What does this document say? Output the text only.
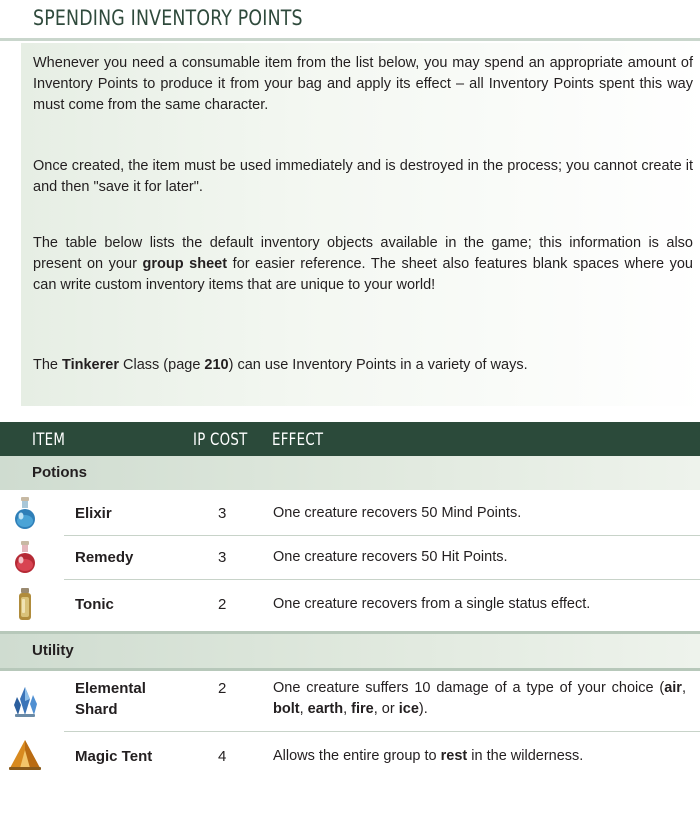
SPENDING INVENTORY POINTS
Whenever you need a consumable item from the list below, you may spend an appropriate amount of Inventory Points to produce it from your bag and apply its effect – all Inventory Points spent this way must come from the same character.
Once created, the item must be used immediately and is destroyed in the process; you cannot create it and then "save it for later".
The table below lists the default inventory objects available in the game; this information is also present on your group sheet for easier reference. The sheet also features blank spaces where you can write custom inventory items that are unique to your world!
The Tinkerer Class (page 210) can use Inventory Points in a variety of ways.
ITEM	IP COST EFFECT
Potions
Elixir	3	One creature recovers 50 Mind Points.
Remedy	3	One creature recovers 50 Hit Points.
Tonic	2	One creature recovers from a single status effect.
Utility
Elemental
Shard
2	One creature suffers 10 damage of a type of your choice (air, bolt, earth, fire, or ice).
Magic Tent	4	Allows the entire group to rest in the wilderness.
